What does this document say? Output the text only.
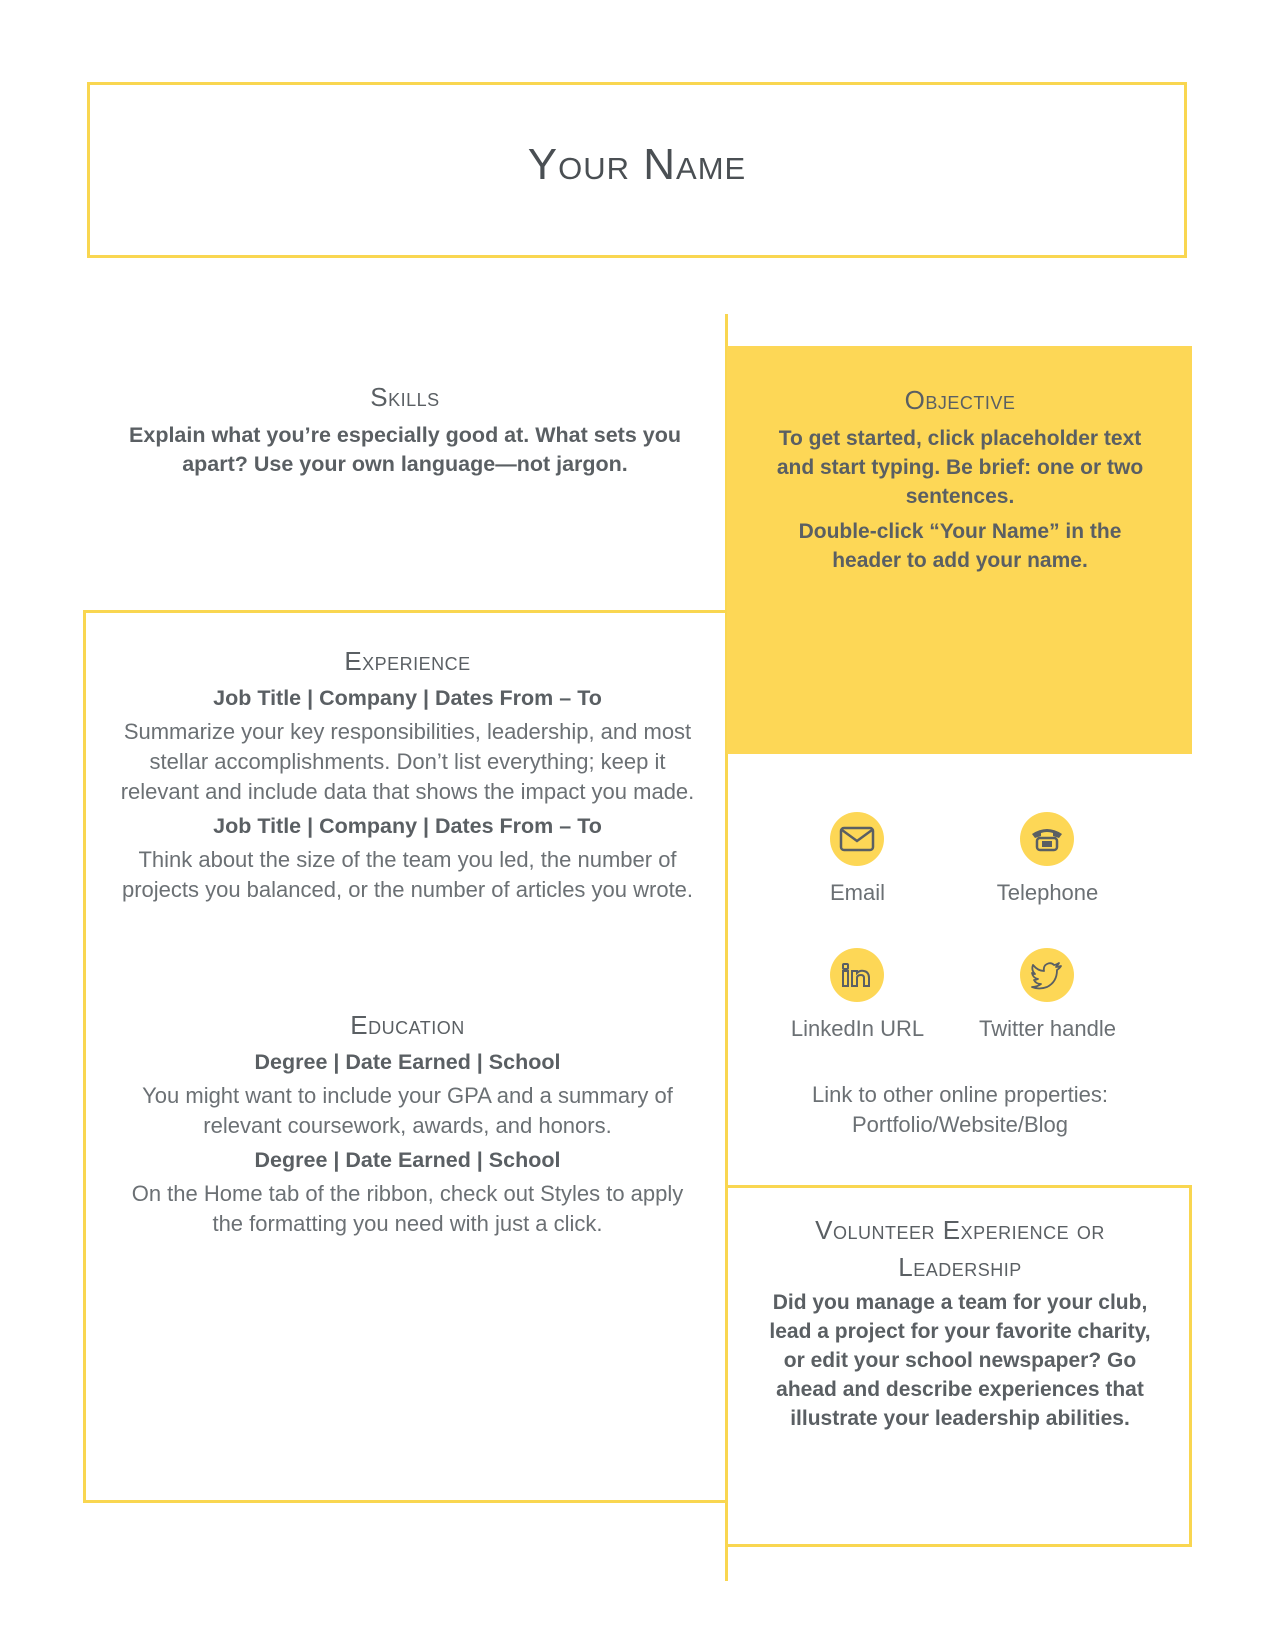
Your Name

Skills

Explain what you’re especially good at. What sets you apart? Use your own language—not jargon.

Objective

To get started, click placeholder text and start typing. Be brief: one or two sentences.

Double-click “Your Name” in the header to add your name.

Experience

Job Title | Company | Dates From – To

Summarize your key responsibilities, leadership, and most stellar accomplishments. Don’t list everything; keep it relevant and include data that shows the impact you made.

Job Title | Company | Dates From – To

Think about the size of the team you led, the number of projects you balanced, or the number of articles you wrote.

Education

Degree | Date Earned | School

You might want to include your GPA and a summary of relevant coursework, awards, and honors.

Degree | Date Earned | School

On the Home tab of the ribbon, check out Styles to apply the formatting you need with just a click.

Email	Telephone
LinkedIn URL	Twitter handle

Link to other online properties:

Portfolio/Website/Blog

Volunteer Experience or

Leadership

Did you manage a team for your club, lead a project for your favorite charity, or edit your school newspaper? Go ahead and describe experiences that illustrate your leadership abilities.
